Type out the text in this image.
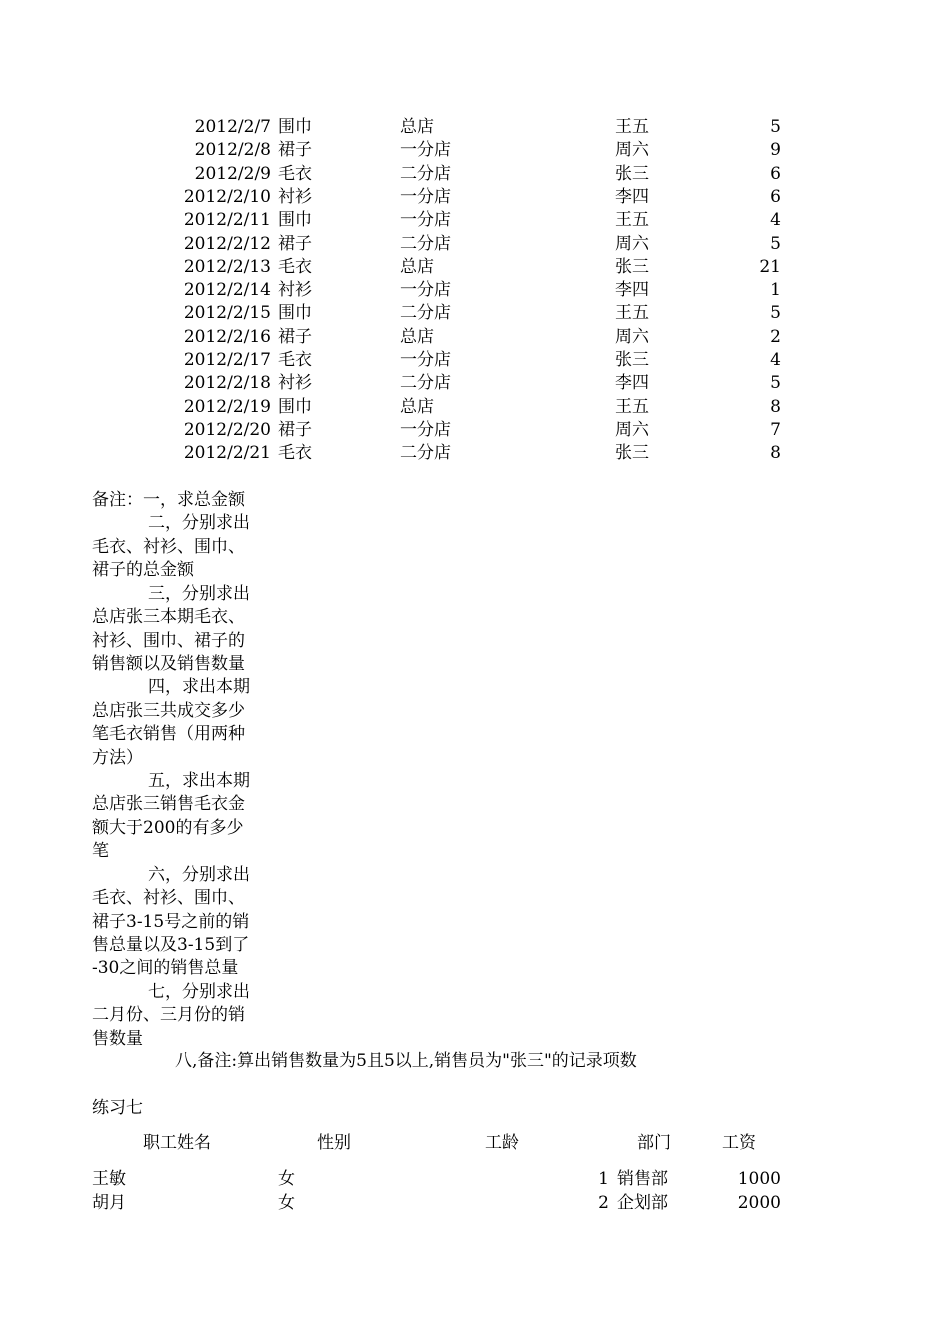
2012/2/7 围巾	总店	王五	5
2012/2/8 裙子	一分店	周六	9
2012/2/9 毛衣	二分店	张三	6
2012/2/10 衬衫	一分店	李四	6
2012/2/11 围巾	一分店	王五	4
2012/2/12 裙子	二分店	周六	5
2012/2/13 毛衣	总店	张三	21
2012/2/14 衬衫	一分店	李四	1
2012/2/15 围巾	二分店	王五	5
2012/2/16 裙子	总店	周六	2
2012/2/17 毛衣	一分店	张三	4
2012/2/18 衬衫	二分店	李四	5
2012/2/19 围巾	总店	王五	8
2012/2/20 裙子	一分店	周六	7
2012/2/21 毛衣	二分店	张三	8
备注：一，求总金额
二，分别求出
毛衣、衬衫、围巾、
裙子的总金额
三，分别求出
总店张三本期毛衣、
衬衫、围巾、裙子的
销售额以及销售数量
四，求出本期
总店张三共成交多少
笔毛衣销售（用两种
方法）
五，求出本期
总店张三销售毛衣金
额大于200的有多少
笔
六，分别求出
毛衣、衬衫、围巾、
裙子3-15号之前的销
售总量以及3-15到了
-30之间的销售总量
七，分别求出
二月份、三月份的销
售数量
八,备注:算出销售数量为5且5以上,销售员为"张三"的记录项数
练习七
职工姓名	性别	工龄	部门	工资
王敏	女	1 销售部	1000
胡月	女	2 企划部	2000
